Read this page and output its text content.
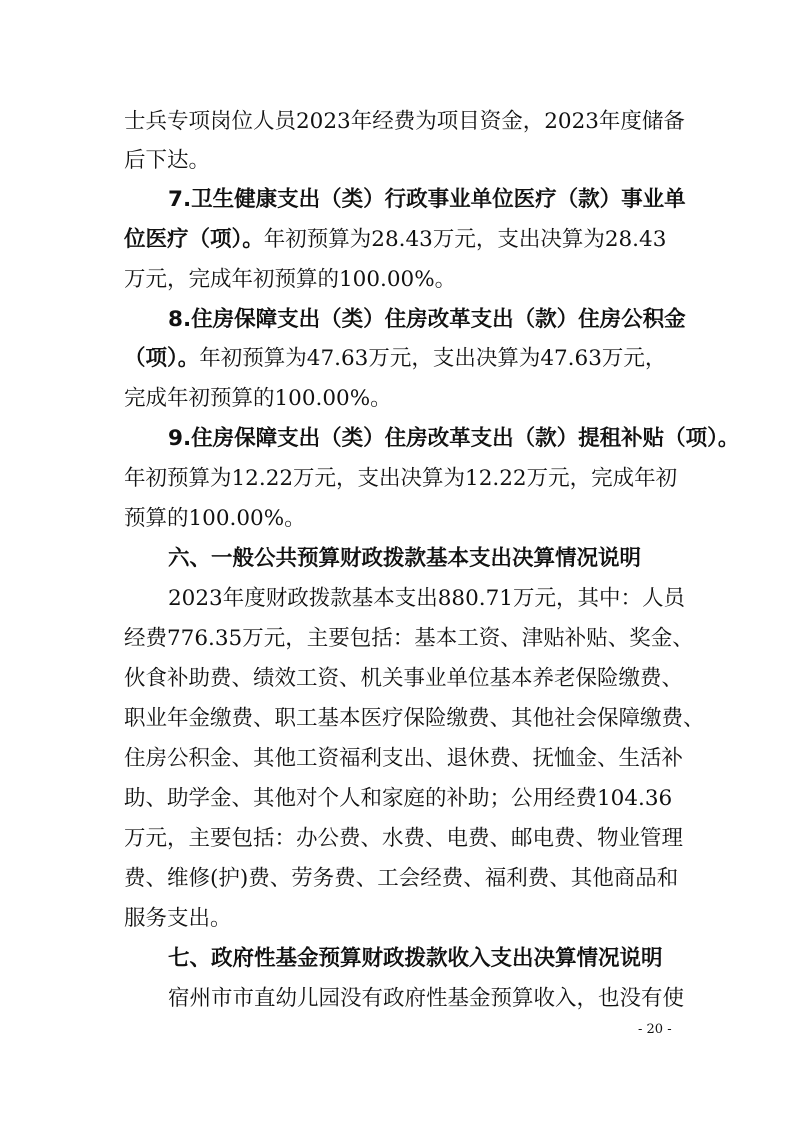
士兵专项岗位人员2023年经费为项目资金，2023年度储备
后下达。
7.卫生健康支出（类）行政事业单位医疗（款）事业单
位医疗（项）。年初预算为28.43万元，支出决算为28.43
万元，完成年初预算的100.00%。
8.住房保障支出（类）住房改革支出（款）住房公积金
（项）。年初预算为47.63万元，支出决算为47.63万元，
完成年初预算的100.00%。
9.住房保障支出（类）住房改革支出（款）提租补贴（项）。
年初预算为12.22万元，支出决算为12.22万元，完成年初
预算的100.00%。
六、一般公共预算财政拨款基本支出决算情况说明
2023年度财政拨款基本支出880.71万元，其中：人员
经费776.35万元，主要包括：基本工资、津贴补贴、奖金、
伙食补助费、绩效工资、机关事业单位基本养老保险缴费、
职业年金缴费、职工基本医疗保险缴费、其他社会保障缴费、
住房公积金、其他工资福利支出、退休费、抚恤金、生活补
助、助学金、其他对个人和家庭的补助；公用经费104.36
万元，主要包括：办公费、水费、电费、邮电费、物业管理
费、维修(护)费、劳务费、工会经费、福利费、其他商品和
服务支出。
七、政府性基金预算财政拨款收入支出决算情况说明
宿州市市直幼儿园没有政府性基金预算收入，也没有使
- 20 -
